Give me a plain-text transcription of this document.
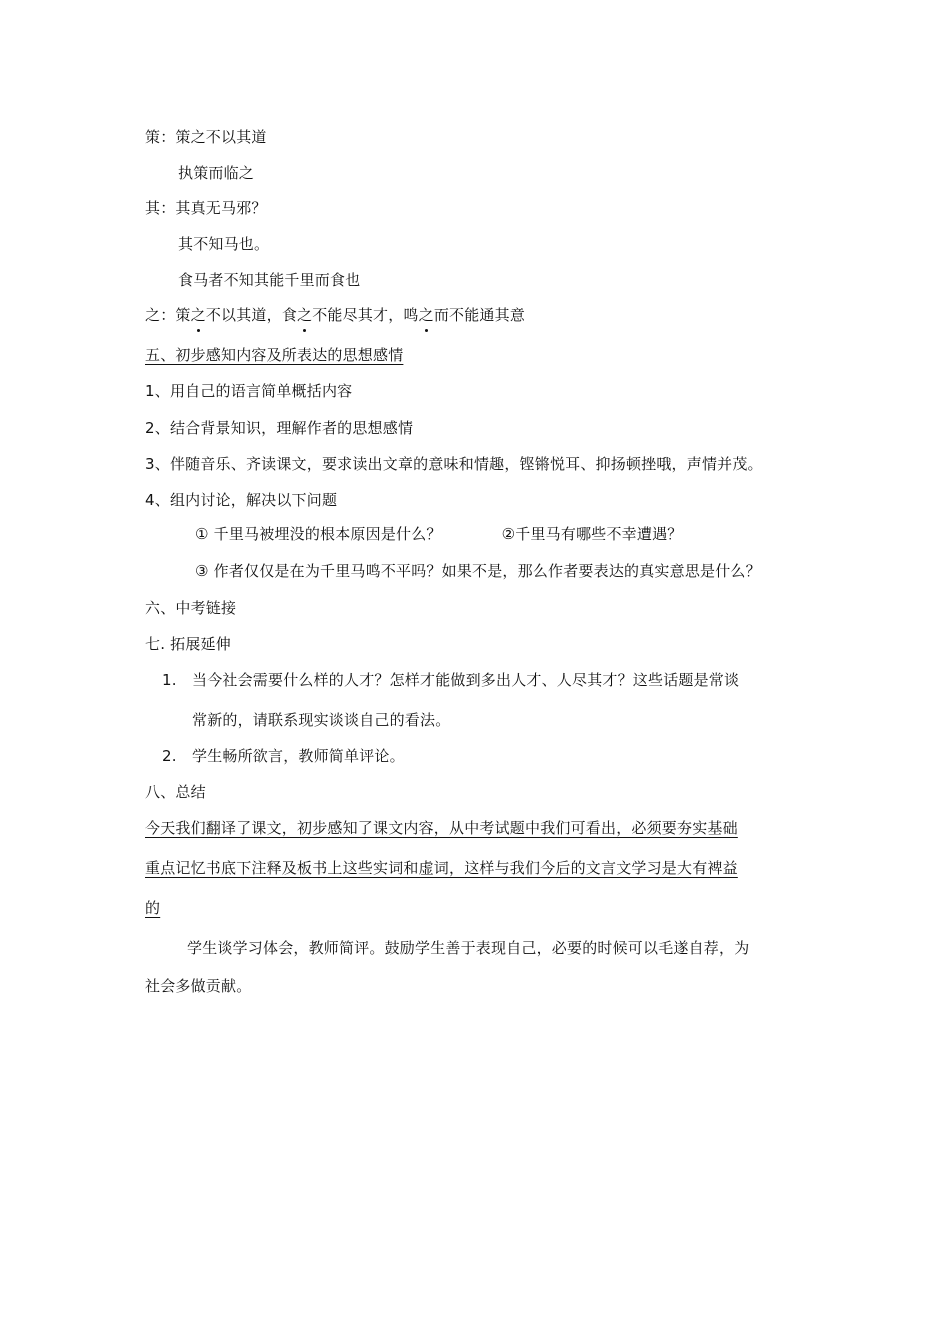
策：策之不以其道
执策而临之
其：其真无马邪？
其不知马也。
食马者不知其能千里而食也
之：策之不以其道，食之不能尽其才，鸣之而不能通其意
五、初步感知内容及所表达的思想感情
1、用自己的语言简单概括内容
2、结合背景知识，理解作者的思想感情
3、伴随音乐、齐读课文，要求读出文章的意味和情趣，铿锵悦耳、抑扬顿挫哦，声情并茂。
4、组内讨论，解决以下问题
① 千里马被埋没的根本原因是什么？	②千里马有哪些不幸遭遇？
③ 作者仅仅是在为千里马鸣不平吗？如果不是，那么作者要表达的真实意思是什么？
六、中考链接
七. 拓展延伸
1. 当今社会需要什么样的人才？怎样才能做到多出人才、人尽其才？这些话题是常谈
常新的，请联系现实谈谈自己的看法。
2. 学生畅所欲言，教师简单评论。
八、总结
今天我们翻译了课文，初步感知了课文内容，从中考试题中我们可看出，必须要夯实基础
重点记忆书底下注释及板书上这些实词和虚词，这样与我们今后的文言文学习是大有裨益
的
学生谈学习体会，教师简评。鼓励学生善于表现自己，必要的时候可以毛遂自荐，为
社会多做贡献。
